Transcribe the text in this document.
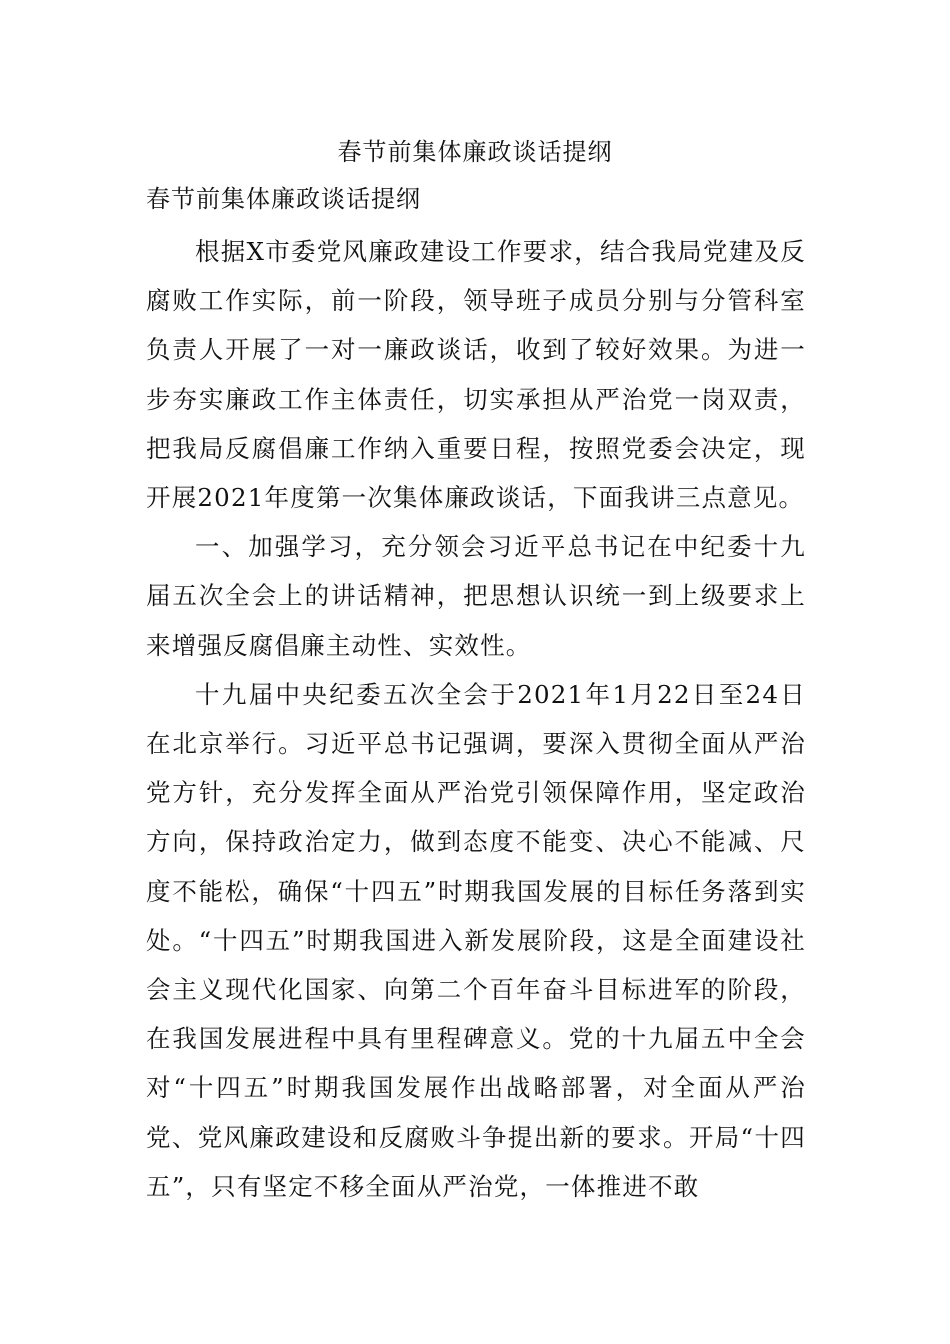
春节前集体廉政谈话提纲
春节前集体廉政谈话提纲

根据X市委党风廉政建设工作要求，结合我局党建及反腐败工作实际，前一阶段，领导班子成员分别与分管科室负责人开展了一对一廉政谈话，收到了较好效果。为进一步夯实廉政工作主体责任，切实承担从严治党一岗双责，把我局反腐倡廉工作纳入重要日程，按照党委会决定，现开展2021年度第一次集体廉政谈话，下面我讲三点意见。

一、加强学习，充分领会习近平总书记在中纪委十九届五次全会上的讲话精神，把思想认识统一到上级要求上来增强反腐倡廉主动性、实效性。

十九届中央纪委五次全会于2021年1月22日至24日在北京举行。习近平总书记强调，要深入贯彻全面从严治党方针，充分发挥全面从严治党引领保障作用，坚定政治方向，保持政治定力，做到态度不能变、决心不能减、尺度不能松，确保“十四五”时期我国发展的目标任务落到实处。“十四五”时期我国进入新发展阶段，这是全面建设社会主义现代化国家、向第二个百年奋斗目标进军的阶段，在我国发展进程中具有里程碑意义。党的十九届五中全会对“十四五”时期我国发展作出战略部署，对全面从严治党、党风廉政建设和反腐败斗争提出新的要求。开局“十四五”，只有坚定不移全面从严治党，一体推进不敢
